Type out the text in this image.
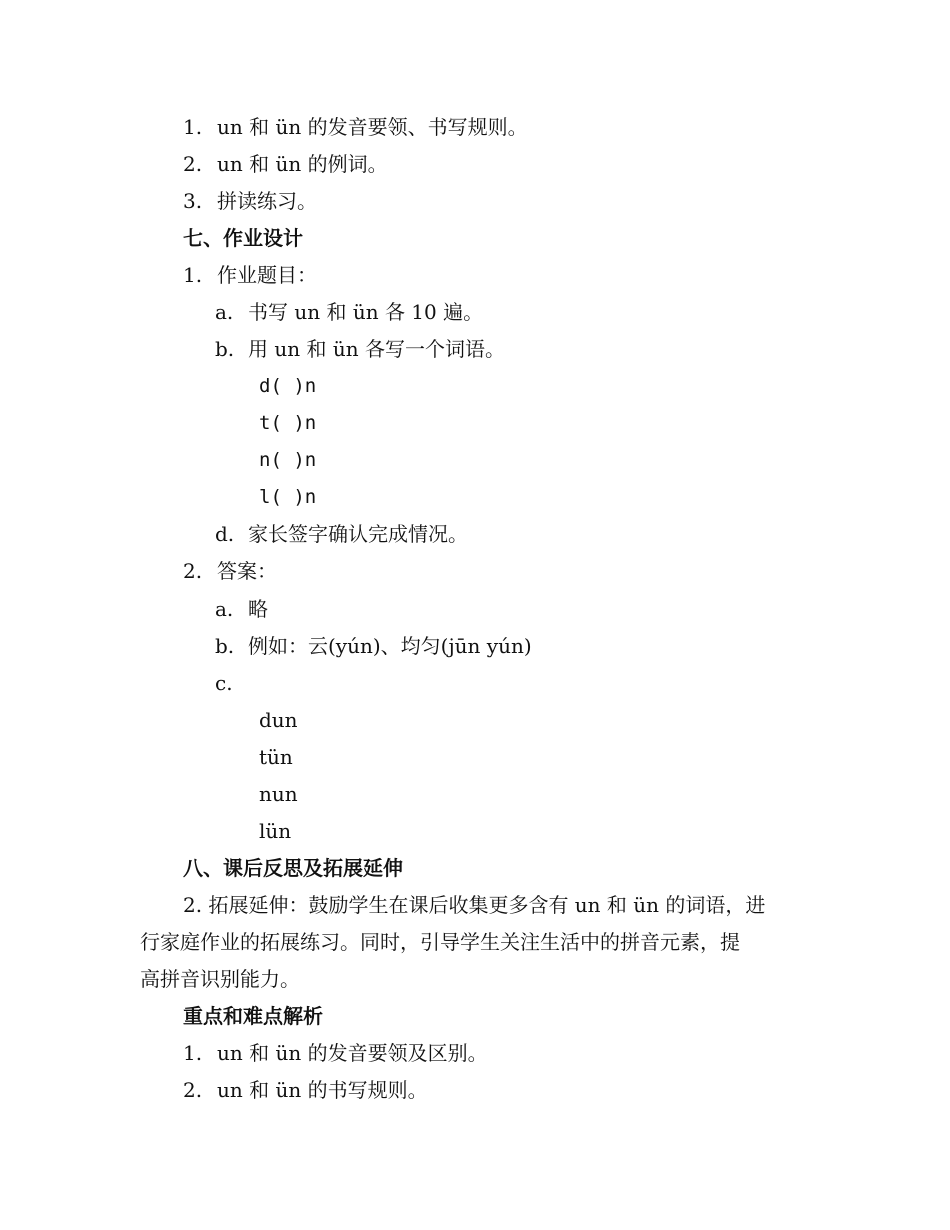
1. un 和 ün 的发音要领、书写规则。
2. un 和 ün 的例词。
3. 拼读练习。
七、作业设计
1. 作业题目：
a. 书写 un 和 ün 各 10 遍。
b. 用 un 和 ün 各写一个词语。
d( )n
t( )n
n( )n
l( )n
d. 家长签字确认完成情况。
2. 答案：
a. 略
b. 例如：云(yún)、均匀(jūn yún)
c.
dun
tün
nun
lün
八、课后反思及拓展延伸
2. 拓展延伸：鼓励学生在课后收集更多含有 un 和 ün 的词语，进
行家庭作业的拓展练习。同时，引导学生关注生活中的拼音元素，提
高拼音识别能力。
重点和难点解析
1. un 和 ün 的发音要领及区别。
2. un 和 ün 的书写规则。
